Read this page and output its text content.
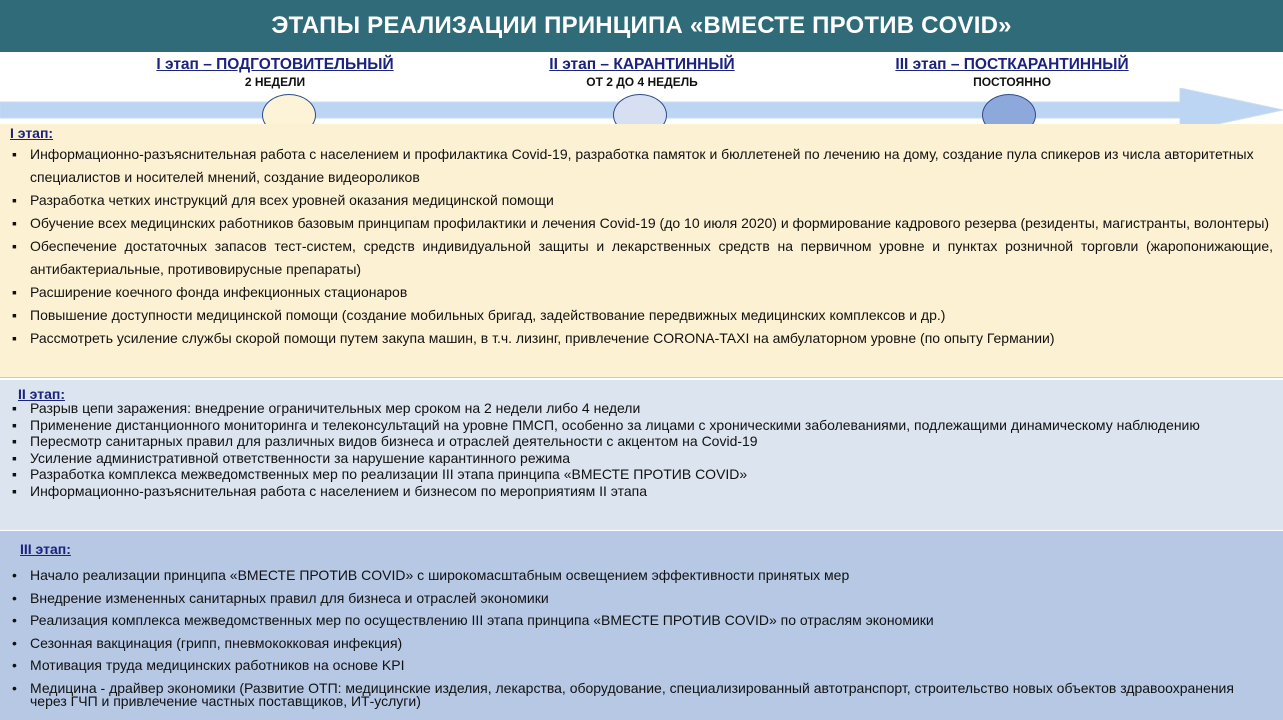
ЭТАПЫ РЕАЛИЗАЦИИ ПРИНЦИПА «ВМЕСТЕ ПРОТИВ COVID»
I этап – ПОДГОТОВИТЕЛЬНЫЙ
2 НЕДЕЛИ
II этап – КАРАНТИННЫЙ
ОТ 2 ДО 4 НЕДЕЛЬ
III этап – ПОСТКАРАНТИННЫЙ
ПОСТОЯННО
I этап:
▪ Информационно-разъяснительная работа с населением и профилактика Covid-19, разработка памяток и бюллетеней по лечению на дому, создание пула спикеров из числа авторитетных специалистов и носителей мнений, создание видеороликов
▪ Разработка четких инструкций для всех уровней оказания медицинской помощи
▪ Обучение всех медицинских работников базовым принципам профилактики и лечения Covid-19 (до 10 июля 2020) и формирование кадрового резерва (резиденты, магистранты, волонтеры)
▪ Обеспечение достаточных запасов тест-систем, средств индивидуальной защиты и лекарственных средств на первичном уровне и пунктах розничной торговли (жаропонижающие, антибактериальные, противовирусные препараты)
▪ Расширение коечного фонда инфекционных стационаров
▪ Повышение доступности медицинской помощи (создание мобильных бригад, задействование передвижных медицинских комплексов и др.)
▪ Рассмотреть усиление службы скорой помощи путем закупа машин, в т.ч. лизинг, привлечение CORONA-TAXI на амбулаторном уровне (по опыту Германии)
II этап:
▪ Разрыв цепи заражения: внедрение ограничительных мер сроком на 2 недели либо 4 недели
▪ Применение дистанционного мониторинга и телеконсультаций на уровне ПМСП, особенно за лицами с хроническими заболеваниями, подлежащими динамическому наблюдению
▪ Пересмотр санитарных правил для различных видов бизнеса и отраслей деятельности с акцентом на Covid-19
▪ Усиление административной ответственности за нарушение карантинного режима
▪ Разработка комплекса межведомственных мер по реализации III этапа принципа «ВМЕСТЕ ПРОТИВ COVID»
▪ Информационно-разъяснительная работа с населением и бизнесом по мероприятиям II этапа
III этап:
• Начало реализации принципа «ВМЕСТЕ ПРОТИВ COVID» с широкомасштабным освещением эффективности принятых мер
• Внедрение измененных санитарных правил для бизнеса и отраслей экономики
• Реализация комплекса межведомственных мер по осуществлению III этапа принципа «ВМЕСТЕ ПРОТИВ COVID» по отраслям экономики
• Сезонная вакцинация (грипп, пневмококковая инфекция)
• Мотивация труда медицинских работников на основе KPI
• Медицина - драйвер экономики (Развитие ОТП: медицинские изделия, лекарства, оборудование, специализированный автотранспорт, строительство новых объектов здравоохранения через ГЧП и привлечение частных поставщиков, ИТ-услуги)
